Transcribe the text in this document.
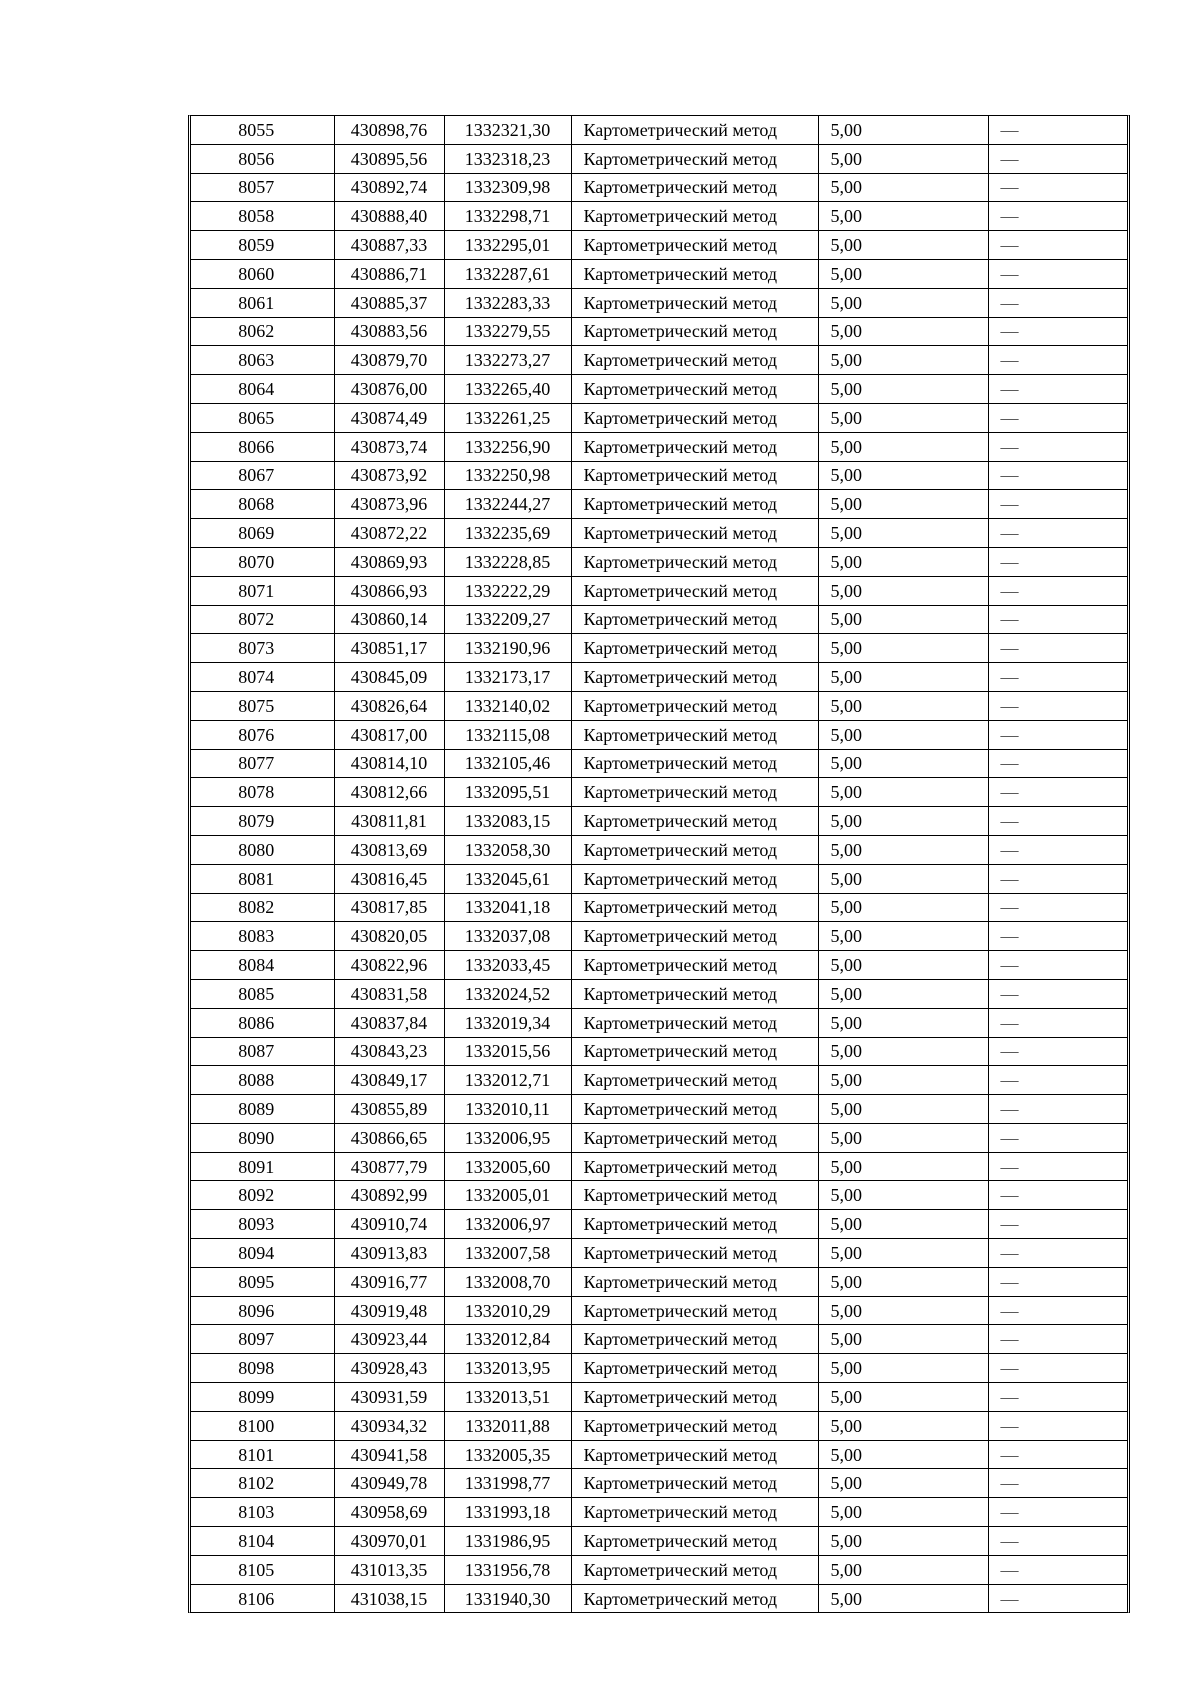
8055	430898,76	1332321,30	Картометрический метод	5,00	—
8056	430895,56	1332318,23	Картометрический метод	5,00	—
8057	430892,74	1332309,98	Картометрический метод	5,00	—
8058	430888,40	1332298,71	Картометрический метод	5,00	—
8059	430887,33	1332295,01	Картометрический метод	5,00	—
8060	430886,71	1332287,61	Картометрический метод	5,00	—
8061	430885,37	1332283,33	Картометрический метод	5,00	—
8062	430883,56	1332279,55	Картометрический метод	5,00	—
8063	430879,70	1332273,27	Картометрический метод	5,00	—
8064	430876,00	1332265,40	Картометрический метод	5,00	—
8065	430874,49	1332261,25	Картометрический метод	5,00	—
8066	430873,74	1332256,90	Картометрический метод	5,00	—
8067	430873,92	1332250,98	Картометрический метод	5,00	—
8068	430873,96	1332244,27	Картометрический метод	5,00	—
8069	430872,22	1332235,69	Картометрический метод	5,00	—
8070	430869,93	1332228,85	Картометрический метод	5,00	—
8071	430866,93	1332222,29	Картометрический метод	5,00	—
8072	430860,14	1332209,27	Картометрический метод	5,00	—
8073	430851,17	1332190,96	Картометрический метод	5,00	—
8074	430845,09	1332173,17	Картометрический метод	5,00	—
8075	430826,64	1332140,02	Картометрический метод	5,00	—
8076	430817,00	1332115,08	Картометрический метод	5,00	—
8077	430814,10	1332105,46	Картометрический метод	5,00	—
8078	430812,66	1332095,51	Картометрический метод	5,00	—
8079	430811,81	1332083,15	Картометрический метод	5,00	—
8080	430813,69	1332058,30	Картометрический метод	5,00	—
8081	430816,45	1332045,61	Картометрический метод	5,00	—
8082	430817,85	1332041,18	Картометрический метод	5,00	—
8083	430820,05	1332037,08	Картометрический метод	5,00	—
8084	430822,96	1332033,45	Картометрический метод	5,00	—
8085	430831,58	1332024,52	Картометрический метод	5,00	—
8086	430837,84	1332019,34	Картометрический метод	5,00	—
8087	430843,23	1332015,56	Картометрический метод	5,00	—
8088	430849,17	1332012,71	Картометрический метод	5,00	—
8089	430855,89	1332010,11	Картометрический метод	5,00	—
8090	430866,65	1332006,95	Картометрический метод	5,00	—
8091	430877,79	1332005,60	Картометрический метод	5,00	—
8092	430892,99	1332005,01	Картометрический метод	5,00	—
8093	430910,74	1332006,97	Картометрический метод	5,00	—
8094	430913,83	1332007,58	Картометрический метод	5,00	—
8095	430916,77	1332008,70	Картометрический метод	5,00	—
8096	430919,48	1332010,29	Картометрический метод	5,00	—
8097	430923,44	1332012,84	Картометрический метод	5,00	—
8098	430928,43	1332013,95	Картометрический метод	5,00	—
8099	430931,59	1332013,51	Картометрический метод	5,00	—
8100	430934,32	1332011,88	Картометрический метод	5,00	—
8101	430941,58	1332005,35	Картометрический метод	5,00	—
8102	430949,78	1331998,77	Картометрический метод	5,00	—
8103	430958,69	1331993,18	Картометрический метод	5,00	—
8104	430970,01	1331986,95	Картометрический метод	5,00	—
8105	431013,35	1331956,78	Картометрический метод	5,00	—
8106	431038,15	1331940,30	Картометрический метод	5,00	—
